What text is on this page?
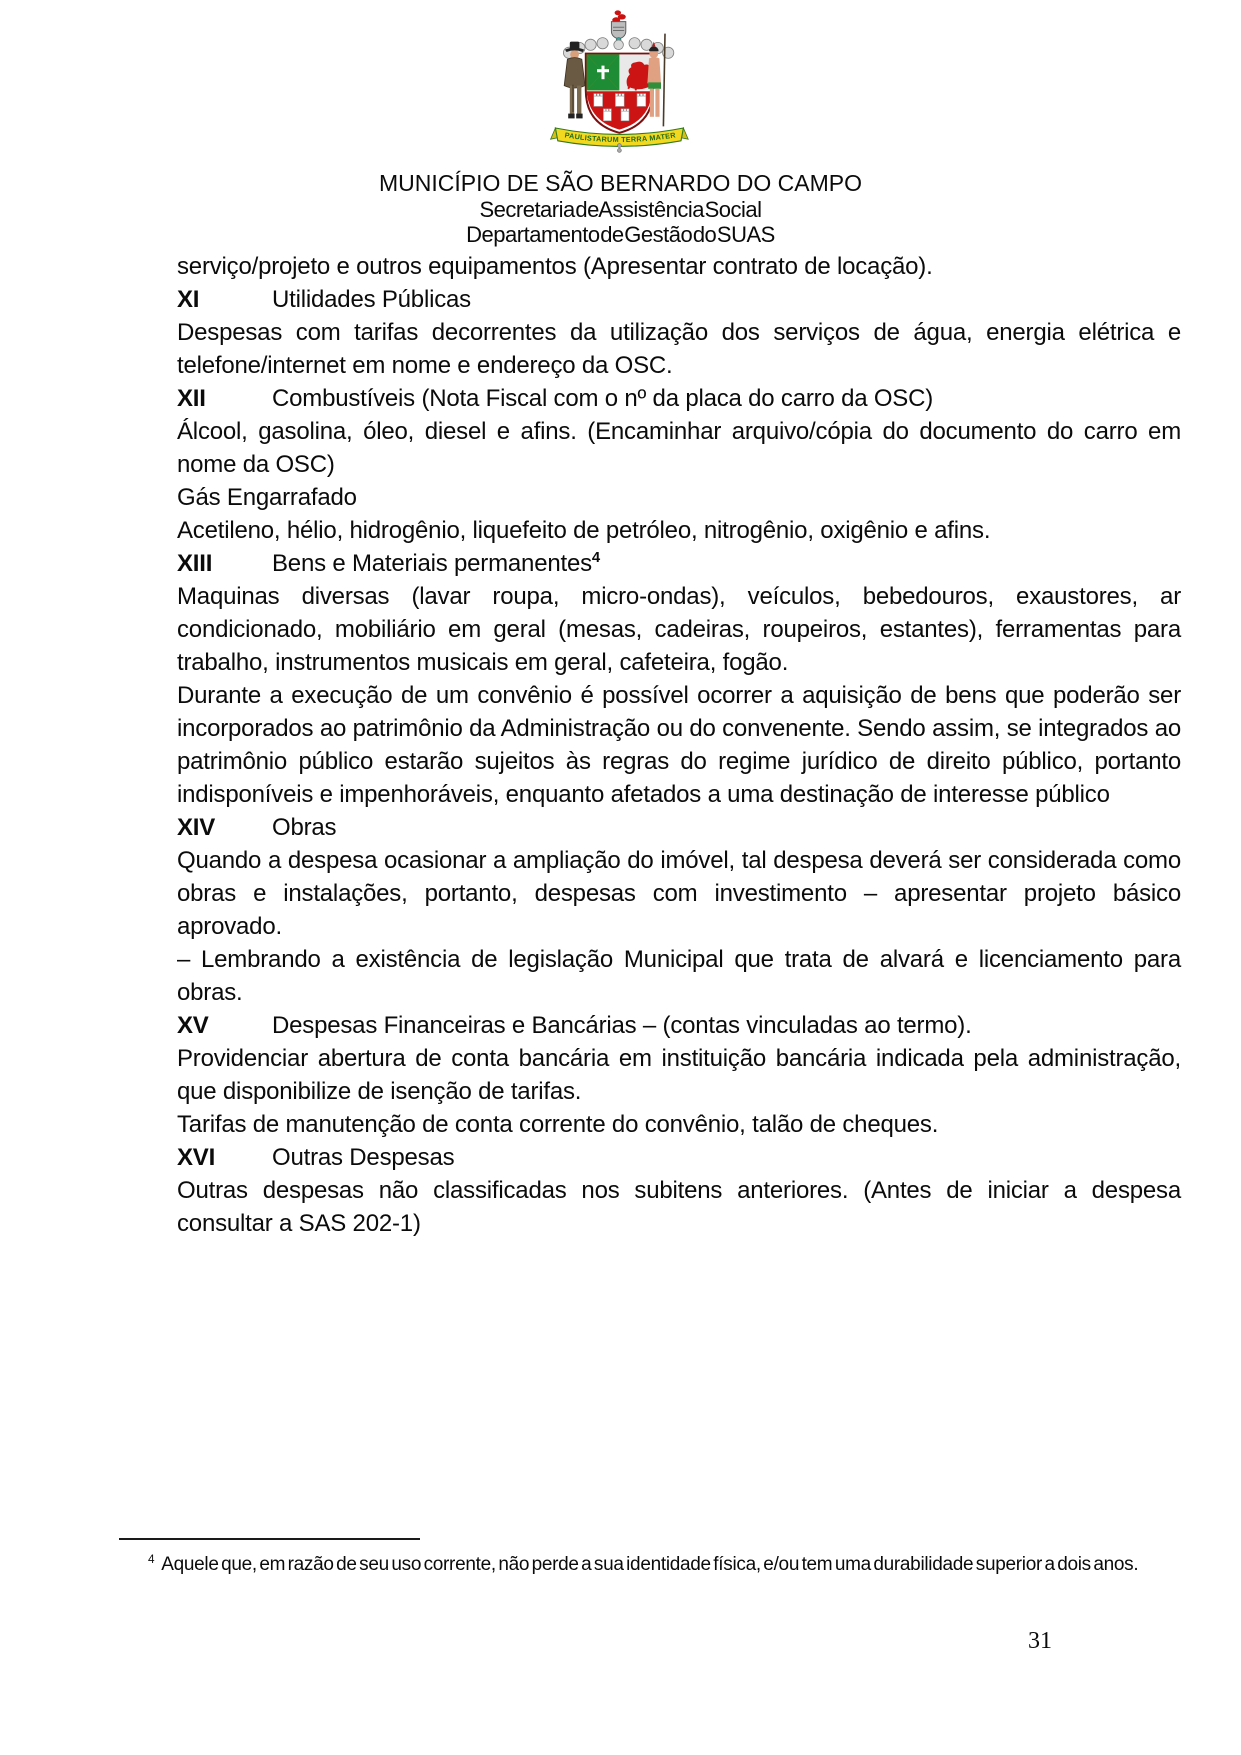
PAULISTARUM TERRA MATER
MUNICÍPIO DE SÃO BERNARDO DO CAMPO
Secretaria de Assistência Social
Departamento de Gestão do SUAS

serviço/projeto e outros equipamentos (Apresentar contrato de locação).

XI	Utilidades Públicas

Despesas com tarifas decorrentes da utilização dos serviços de água, energia elétrica e telefone/internet em nome e endereço da OSC.

XII	Combustíveis (Nota Fiscal com o nº da placa do carro da OSC)

Álcool, gasolina, óleo, diesel e afins. (Encaminhar arquivo/cópia do documento do carro em nome da OSC)

Gás Engarrafado

Acetileno, hélio, hidrogênio, liquefeito de petróleo, nitrogênio, oxigênio e afins.

XIII	Bens e Materiais permanentes$^4$

Maquinas diversas (lavar roupa, micro-ondas), veículos, bebedouros, exaustores, ar condicionado, mobiliário em geral (mesas, cadeiras, roupeiros, estantes), ferramentas para trabalho, instrumentos musicais em geral, cafeteira, fogão.

Durante a execução de um convênio é possível ocorrer a aquisição de bens que poderão ser incorporados ao patrimônio da Administração ou do convenente. Sendo assim, se integrados ao patrimônio público estarão sujeitos às regras do regime jurídico de direito público, portanto indisponíveis e impenhoráveis, enquanto afetados a uma destinação de interesse público

XIV	Obras

Quando a despesa ocasionar a ampliação do imóvel, tal despesa deverá ser considerada como obras e instalações, portanto, despesas com investimento – apresentar projeto básico aprovado.

– Lembrando a existência de legislação Municipal que trata de alvará e licenciamento para obras.

XV	Despesas Financeiras e Bancárias – (contas vinculadas ao termo).

Providenciar abertura de conta bancária em instituição bancária indicada pela administração, que disponibilize de isenção de tarifas.

Tarifas de manutenção de conta corrente do convênio, talão de cheques.

XVI	Outras Despesas

Outras despesas não classificadas nos subitens anteriores. (Antes de iniciar a despesa consultar a SAS 202-1)

$^4$ Aquele que, em razão de seu uso corrente, não perde a sua identidade física, e/ou tem uma durabilidade superior a dois anos.
31
